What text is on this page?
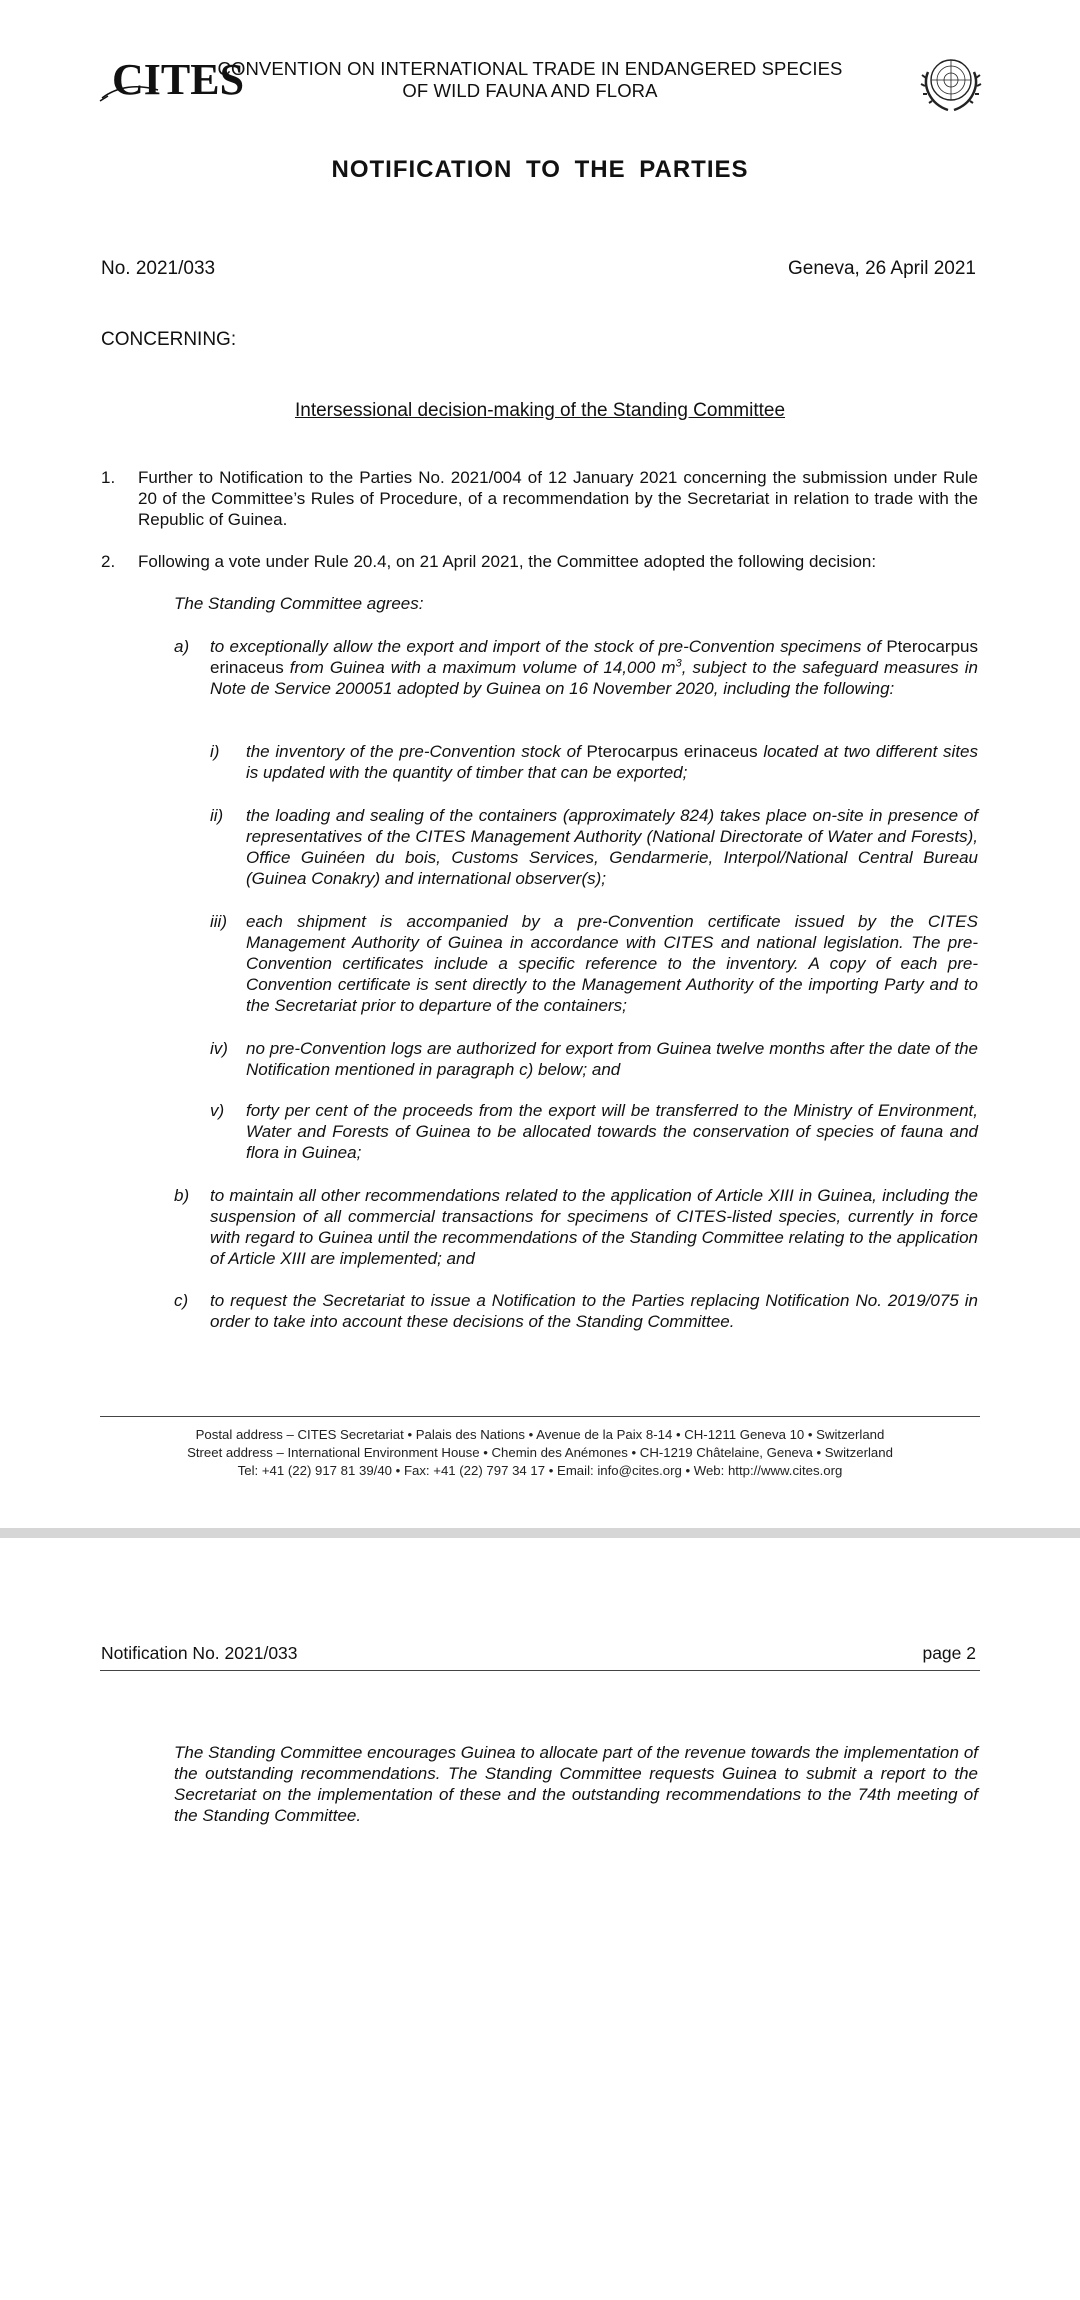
CITES
CONVENTION ON INTERNATIONAL TRADE IN ENDANGERED SPECIES
OF WILD FAUNA AND FLORA
NOTIFICATION TO THE PARTIES
No. 2021/033	Geneva, 26 April 2021
CONCERNING:
Intersessional decision-making of the Standing Committee
1. Further to Notification to the Parties No. 2021/004 of 12 January 2021 concerning the submission under Rule 20 of the Committee’s Rules of Procedure, of a recommendation by the Secretariat in relation to trade with the Republic of Guinea.
2. Following a vote under Rule 20.4, on 21 April 2021, the Committee adopted the following decision:
The Standing Committee agrees:
a) to exceptionally allow the export and import of the stock of pre-Convention specimens of Pterocarpus erinaceus from Guinea with a maximum volume of 14,000 $m^3$, subject to the safeguard measures in Note de Service 200051 adopted by Guinea on 16 November 2020, including the following:
i) the inventory of the pre-Convention stock of Pterocarpus erinaceus located at two different sites is updated with the quantity of timber that can be exported;
ii) the loading and sealing of the containers (approximately 824) takes place on-site in presence of representatives of the CITES Management Authority (National Directorate of Water and Forests), Office Guinéen du bois, Customs Services, Gendarmerie, Interpol/National Central Bureau (Guinea Conakry) and international observer(s);
iii) each shipment is accompanied by a pre-Convention certificate issued by the CITES Management Authority of Guinea in accordance with CITES and national legislation. The pre-Convention certificates include a specific reference to the inventory. A copy of each pre-Convention certificate is sent directly to the Management Authority of the importing Party and to the Secretariat prior to departure of the containers;
iv) no pre-Convention logs are authorized for export from Guinea twelve months after the date of the Notification mentioned in paragraph c) below; and
v) forty per cent of the proceeds from the export will be transferred to the Ministry of Environment, Water and Forests of Guinea to be allocated towards the conservation of species of fauna and flora in Guinea;
b) to maintain all other recommendations related to the application of Article XIII in Guinea, including the suspension of all commercial transactions for specimens of CITES-listed species, currently in force with regard to Guinea until the recommendations of the Standing Committee relating to the application of Article XIII are implemented; and
c) to request the Secretariat to issue a Notification to the Parties replacing Notification No. 2019/075 in order to take into account these decisions of the Standing Committee.
Postal address – CITES Secretariat • Palais des Nations • Avenue de la Paix 8-14 • CH-1211 Geneva 10 • Switzerland
Street address – International Environment House • Chemin des Anémones • CH-1219 Châtelaine, Geneva • Switzerland
Tel: +41 (22) 917 81 39/40 • Fax: +41 (22) 797 34 17 • Email: info@cites.org • Web: http://www.cites.org
Notification No. 2021/033	page 2
The Standing Committee encourages Guinea to allocate part of the revenue towards the implementation of the outstanding recommendations. The Standing Committee requests Guinea to submit a report to the Secretariat on the implementation of these and the outstanding recommendations to the 74th meeting of the Standing Committee.
